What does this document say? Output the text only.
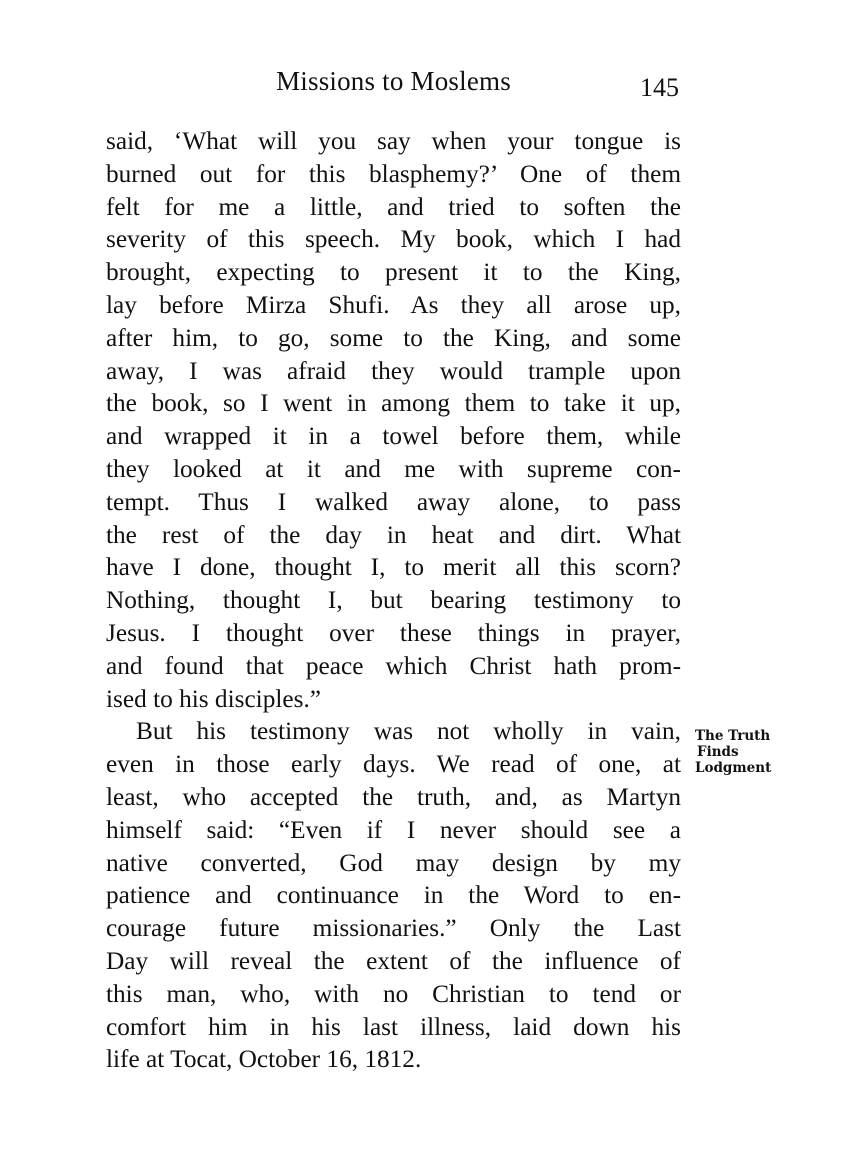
Missions to Moslems	145
said, ‘What will you say when your tongue is
burned out for this blasphemy?’ One of them
felt for me a little, and tried to soften the
severity of this speech. My book, which I had
brought, expecting to present it to the King,
lay before Mirza Shufi. As they all arose up,
after him, to go, some to the King, and some
away, I was afraid they would trample upon
the book, so I went in among them to take it up,
and wrapped it in a towel before them, while
they looked at it and me with supreme con-
tempt. Thus I walked away alone, to pass
the rest of the day in heat and dirt. What
have I done, thought I, to merit all this scorn?
Nothing, thought I, but bearing testimony to
Jesus. I thought over these things in prayer,
and found that peace which Christ hath prom-
ised to his disciples.”
But his testimony was not wholly in vain,
even in those early days. We read of one, at
least, who accepted the truth, and, as Martyn
himself said: “Even if I never should see a
native converted, God may design by my
patience and continuance in the Word to en-
courage future missionaries.” Only the Last
Day will reveal the extent of the influence of
this man, who, with no Christian to tend or
comfort him in his last illness, laid down his
life at Tocat, October 16, 1812.
The Truth
Finds
Lodgment
